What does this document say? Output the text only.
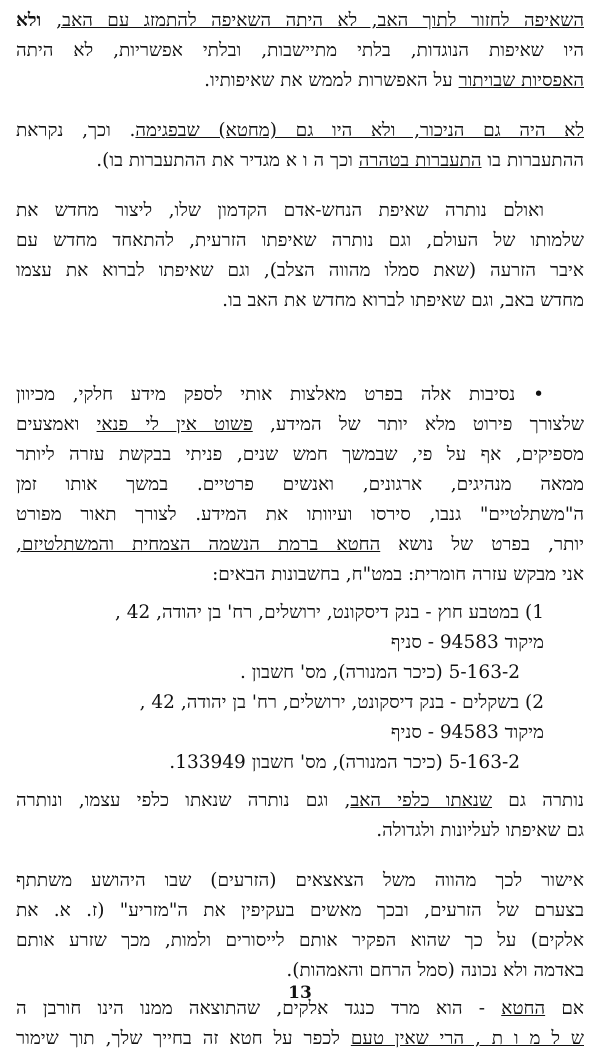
השאיפה לחזור לתוך האב, לא היתה השאיפה להתמזג עם האב, ולא
היו שאיפות הנוגדות, בלתי מתיישבות, ובלתי אפשריות, לא היתה
האפסיות שבויתור על האפשרות לממש את שאיפותיו.
לא היה גם הניכור, ולא היו גם (מחטא) שבפגימה. וכך, נקראת
ההתעברות בו התעברות בטהרה וכך ה ו א מגדיר את ההתעברות בו).
ואולם נותרה שאיפת הנחש-אדם הקדמון שלו, ליצור מחדש את
שלמותו של העולם, וגם נותרה שאיפתו הזרעית, להתאחד מחדש עם
איבר הזרעה (שאת סמלו מהווה הצלב), וגם שאיפתו לברוא את עצמו
מחדש באב, וגם שאיפתו לברוא מחדש את האב בו.
• נסיבות אלה בפרט מאלצות אותי לספק מידע חלקי, מכיוון
שלצורך פירוט מלא יותר של המידע, פשוט אין לי פנאי ואמצעים
מספיקים, אף על פי, שבמשך חמש שנים, פניתי בבקשת עזרה ליותר
ממאה מנהיגים, ארגונים, ואנשים פרטיים. במשך אותו זמן
ה"משתלטיים" גנבו, סירסו ועיוותו את המידע. לצורך תאור מפורט
יותר, בפרט של נושא החטא ברמת הנשמה הצמחית והמשתלטיזם,
אני מבקש עזרה חומרית: במט"ח, בחשבונות הבאים:
1) במטבע חוץ - בנק דיסקונט, ירושלים, רח' בן יהודה, 42 ,
מיקוד 94583 - סניף
5-163-2 (כיכר המנורה), מס' חשבון .
2) בשקלים - בנק דיסקונט, ירושלים, רח' בן יהודה, 42 ,
מיקוד 94583 - סניף
5-163-2 (כיכר המנורה), מס' חשבון 133949.
נותרה גם שנאתו כלפי האב, וגם נותרה שנאתו כלפי עצמו, ונותרה
גם שאיפתו לעליונות ולגדולה.
אישור לכך מהווה משל הצאצאים (הזרעים) שבו היהושע משתתף
בצערם של הזרעים, ובכך מאשים בעקיפין את ה"מזריע" (ז. א. את
אלקים) על כך שהוא הפקיר אותם לייסורים ולמות, מכך שזרע אותם
באדמה ולא נכונה (סמל הרחם והאמהות).
אם החטא - הוא מרד כנגד אלקים, שהתוצאה ממנו הינו חורבן ה
ש ל מ ו ת , הרי שאין טעם לכפר על חטא זה בחייך שלך, תוך שימור
13
